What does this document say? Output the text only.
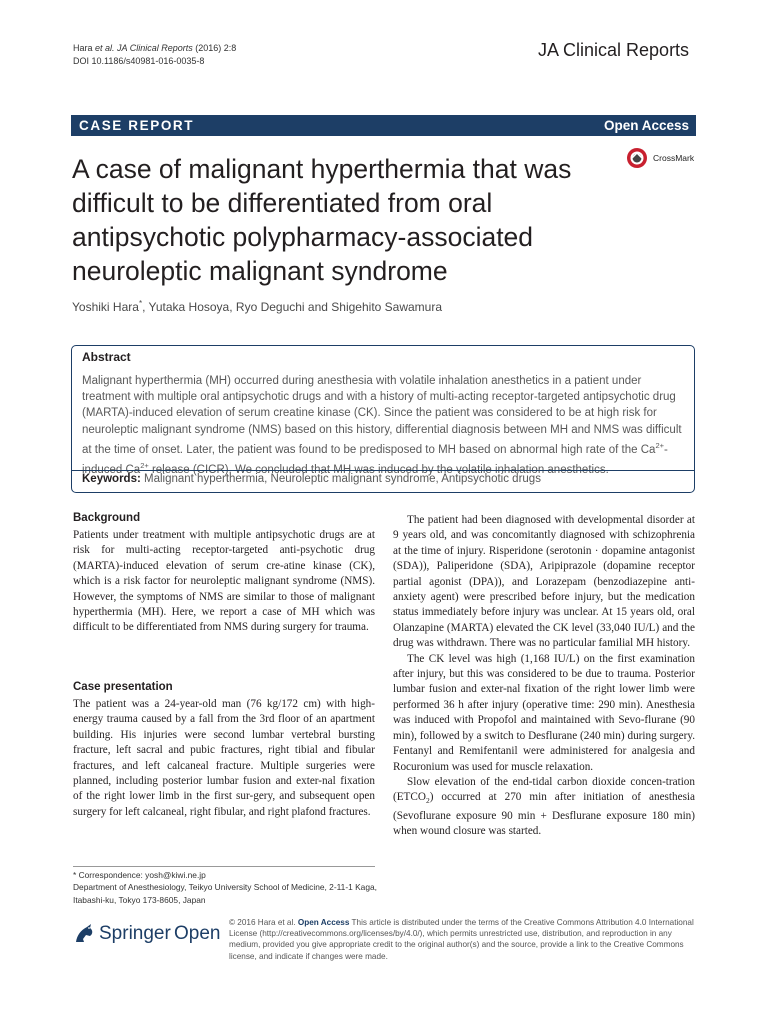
Hara et al. JA Clinical Reports (2016) 2:8
DOI 10.1186/s40981-016-0035-8
JA Clinical Reports
CASE REPORT	Open Access
A case of malignant hyperthermia that was difficult to be differentiated from oral antipsychotic polypharmacy-associated neuroleptic malignant syndrome
CrossMark
Yoshiki Hara*, Yutaka Hosoya, Ryo Deguchi and Shigehito Sawamura
Abstract
Malignant hyperthermia (MH) occurred during anesthesia with volatile inhalation anesthetics in a patient under treatment with multiple oral antipsychotic drugs and with a history of multi-acting receptor-targeted antipsychotic drug (MARTA)-induced elevation of serum creatine kinase (CK). Since the patient was considered to be at high risk for neuroleptic malignant syndrome (NMS) based on this history, differential diagnosis between MH and NMS was difficult at the time of onset. Later, the patient was found to be predisposed to MH based on abnormal high rate of the $Ca^{2+}$-induced $Ca^{2+}$ release (CICR). We concluded that MH was induced by the volatile inhalation anesthetics.
Keywords: Malignant hyperthermia, Neuroleptic malignant syndrome, Antipsychotic drugs
Background

Patients under treatment with multiple antipsychotic drugs are at risk for multi-acting receptor-targeted anti-psychotic drug (MARTA)-induced elevation of serum cre-atine kinase (CK), which is a risk factor for neuroleptic malignant syndrome (NMS). However, the symptoms of NMS are similar to those of malignant hyperthermia (MH). Here, we report a case of MH which was difficult to be differentiated from NMS during surgery for trauma.

Case presentation

The patient was a 24-year-old man (76 kg/172 cm) with high-energy trauma caused by a fall from the 3rd floor of an apartment building. His injuries were second lumbar vertebral bursting fracture, left sacral and pubic fractures, right tibial and fibular fractures, and left calcaneal fracture. Multiple surgeries were planned, including posterior lumbar fusion and exter-nal fixation of the right lower limb in the first sur-gery, and subsequent open surgery for left calcaneal, right fibular, and right plafond fractures.

The patient had been diagnosed with developmental disorder at 9 years old, and was concomitantly diagnosed with schizophrenia at the time of injury. Risperidone (serotonin · dopamine antagonist (SDA)), Paliperidone (SDA), Aripiprazole (dopamine receptor partial agonist (DPA)), and Lorazepam (benzodiazepine anti-anxiety agent) were prescribed before injury, but the medication status immediately before injury was unclear. At 15 years old, oral Olanzapine (MARTA) elevated the CK level (33,040 IU/L) and the drug was withdrawn. There was no particular familial MH history.

The CK level was high (1,168 IU/L) on the first examination after injury, but this was considered to be due to trauma. Posterior lumbar fusion and exter-nal fixation of the right lower limb were performed 36 h after injury (operative time: 290 min). Anesthesia was induced with Propofol and maintained with Sevo-flurane (90 min), followed by a switch to Desflurane (240 min) during surgery. Fentanyl and Remifentanil were administered for analgesia and Rocuronium was used for muscle relaxation.

Slow elevation of the end-tidal carbon dioxide concen-tration $(ETCO_2)$ occurred at 270 min after initiation of anesthesia (Sevoflurane exposure 90 min + Desflurane exposure 180 min) when wound closure was started.

* Correspondence: yosh@kiwi.ne.jp
Department of Anesthesiology, Teikyo University School of Medicine, 2-11-1 Kaga, Itabashi-ku, Tokyo 173-8605, Japan
Springer Open
© 2016 Hara et al. Open Access This article is distributed under the terms of the Creative Commons Attribution 4.0 International License (http://creativecommons.org/licenses/by/4.0/), which permits unrestricted use, distribution, and reproduction in any medium, provided you give appropriate credit to the original author(s) and the source, provide a link to the Creative Commons license, and indicate if changes were made.
